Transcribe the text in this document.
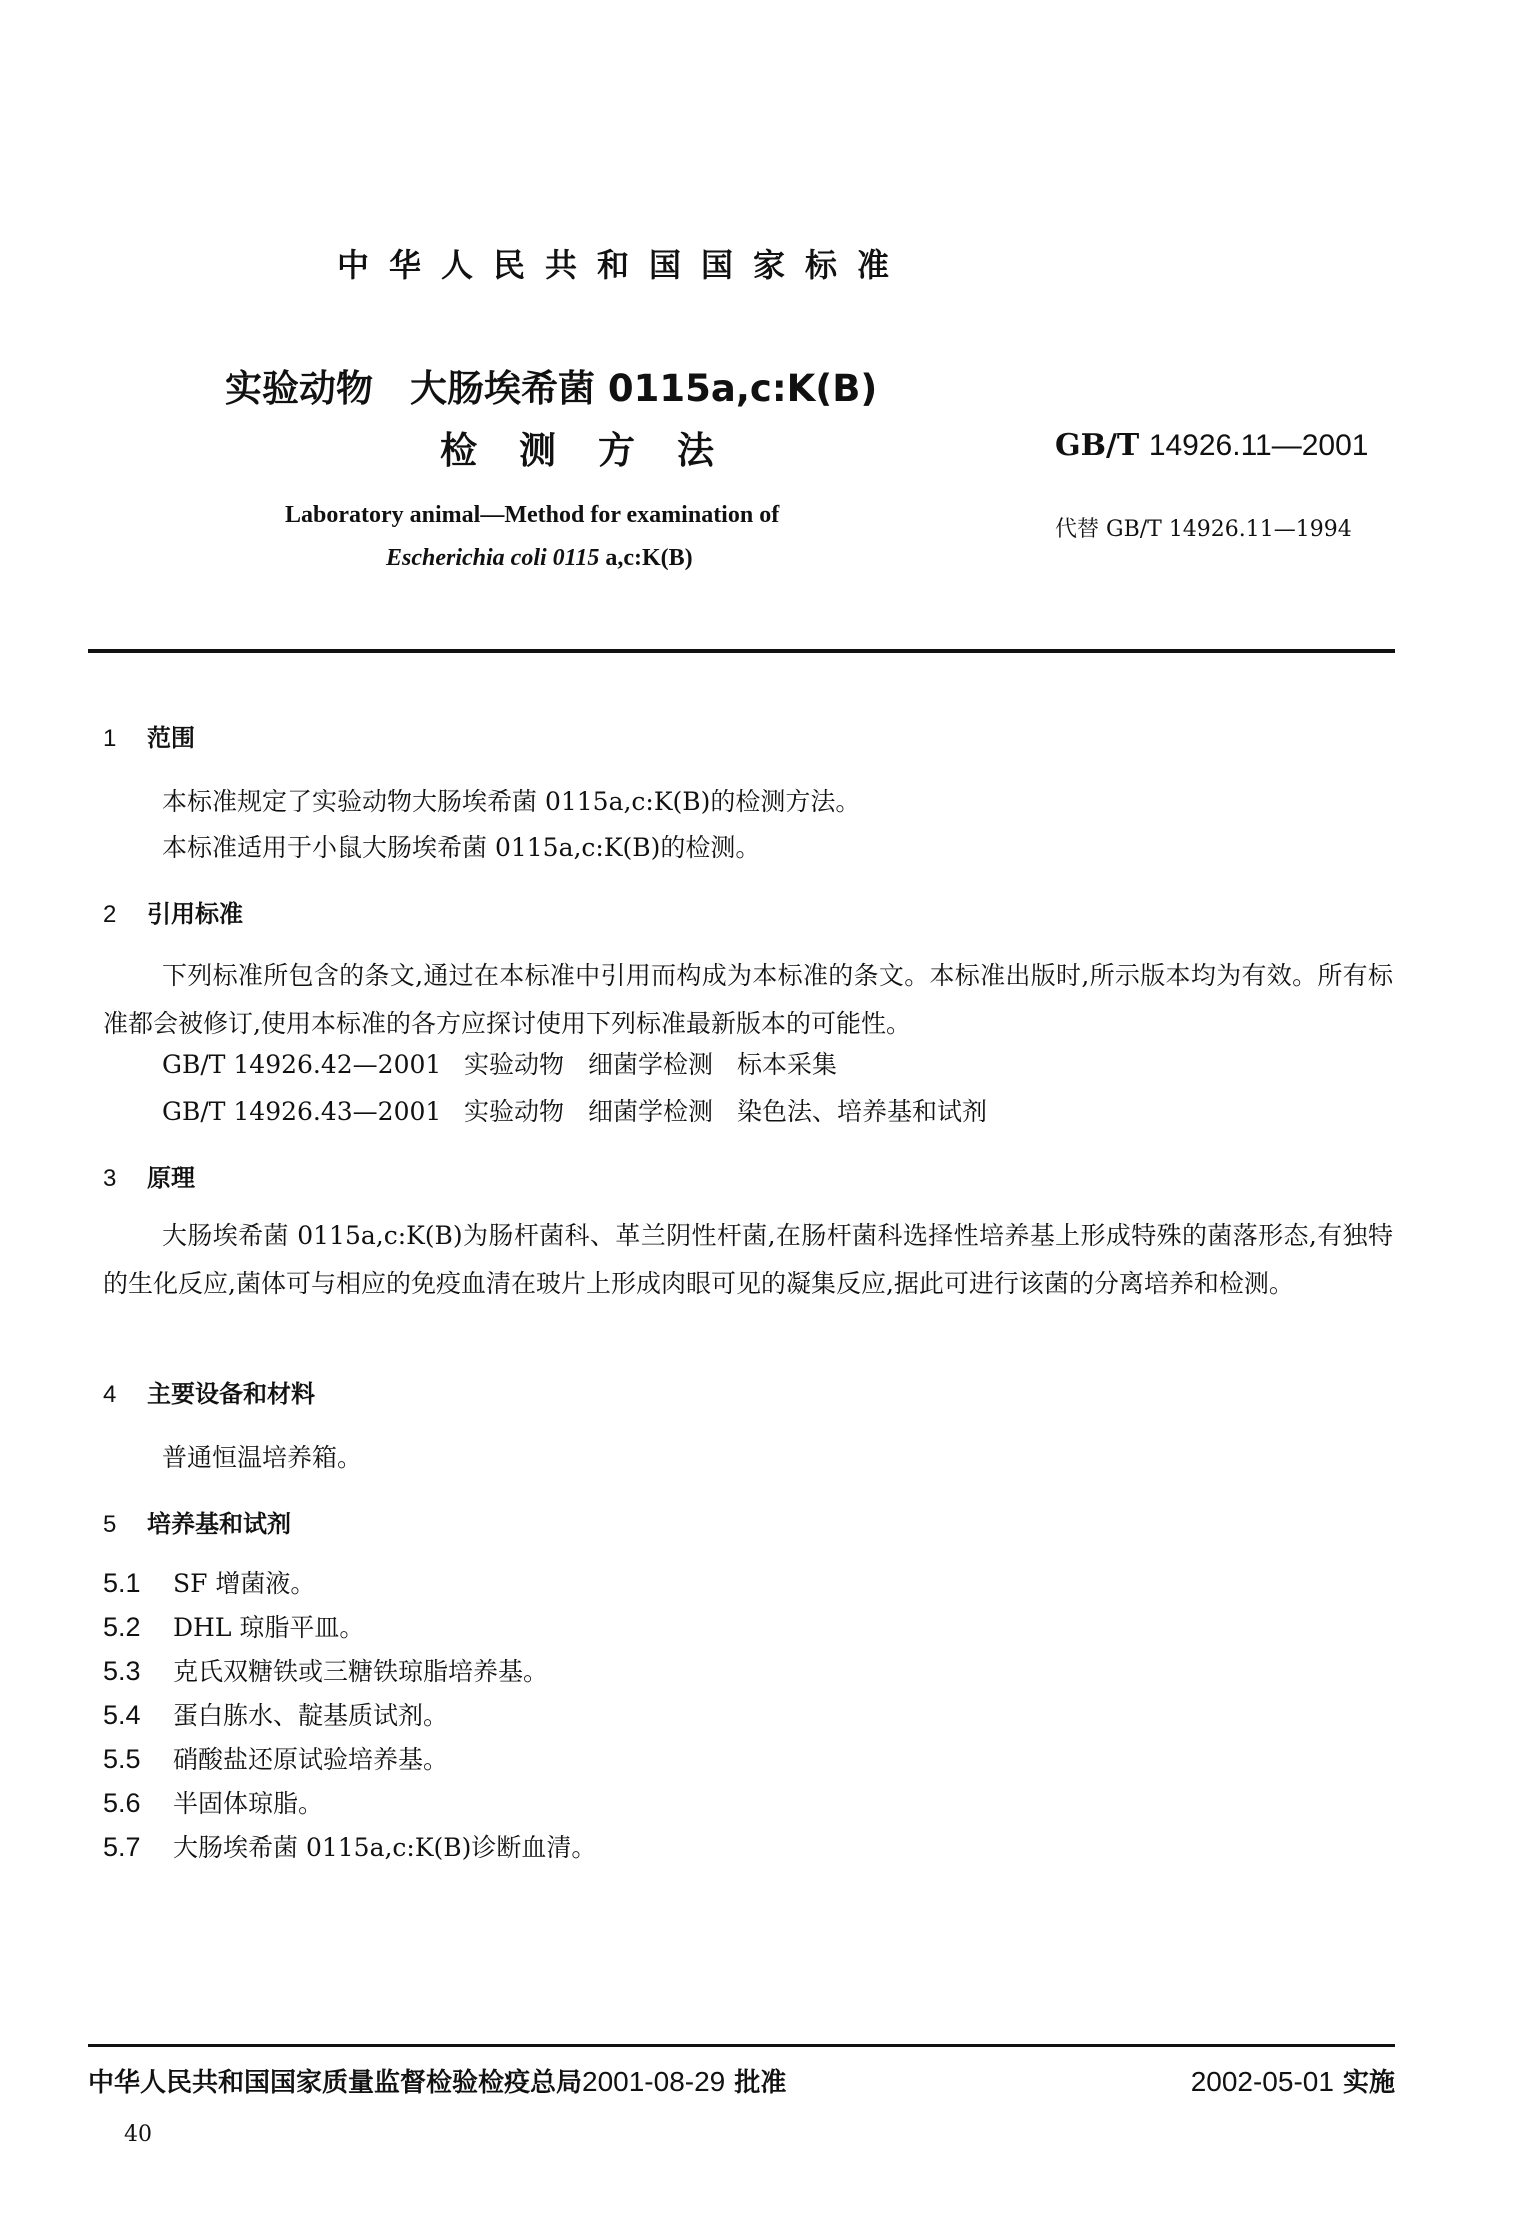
中华人民共和国国家标准
实验动物　大肠埃希菌 0115a,c:K(B)
检测方法	GB/T 14926.11—2001
代替 GB/T 14926.11—1994
Laboratory animal—Method for examination of
Escherichia coli 0115 a,c:K(B)
1 范围
本标准规定了实验动物大肠埃希菌 0115a,c:K(B)的检测方法。
本标准适用于小鼠大肠埃希菌 0115a,c:K(B)的检测。
2 引用标准
下列标准所包含的条文,通过在本标准中引用而构成为本标准的条文。本标准出版时,所示版本均为有效。所有标准都会被修订,使用本标准的各方应探讨使用下列标准最新版本的可能性。
GB/T 14926.42—2001 实验动物 细菌学检测 标本采集
GB/T 14926.43—2001 实验动物 细菌学检测 染色法、培养基和试剂
3 原理
大肠埃希菌 0115a,c:K(B)为肠杆菌科、革兰阴性杆菌,在肠杆菌科选择性培养基上形成特殊的菌落形态,有独特的生化反应,菌体可与相应的免疫血清在玻片上形成肉眼可见的凝集反应,据此可进行该菌的分离培养和检测。
4 主要设备和材料
普通恒温培养箱。
5 培养基和试剂
5.1 SF 增菌液。
5.2 DHL 琼脂平皿。
5.3 克氏双糖铁或三糖铁琼脂培养基。
5.4 蛋白胨水、靛基质试剂。
5.5 硝酸盐还原试验培养基。
5.6 半固体琼脂。
5.7 大肠埃希菌 0115a,c:K(B)诊断血清。
中华人民共和国国家质量监督检验检疫总局2001-08-29 批准	2002-05-01 实施
40
